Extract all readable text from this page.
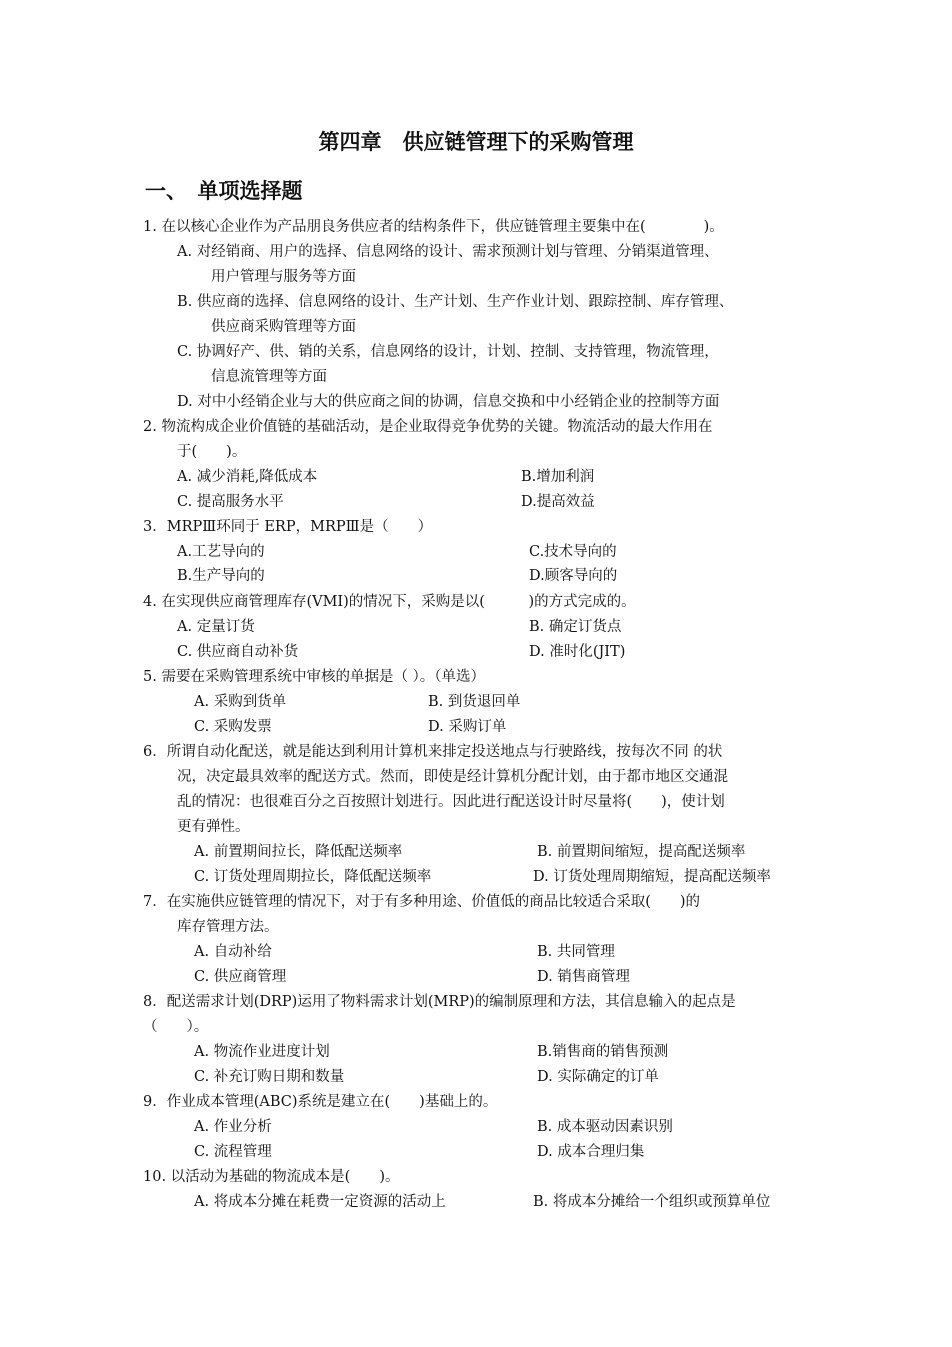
第四章　供应链管理下的采购管理
一、　单项选择题
1. 在以核心企业作为产品朋良务供应者的结构条件下，供应链管理主要集中在(　　　　)。
A. 对经销商、用户的选择、信息网络的设计、需求预测计划与管理、分销渠道管理、
用户管理与服务等方面
B. 供应商的选择、信息网络的设计、生产计划、生产作业计划、跟踪控制、库存管理、
供应商采购管理等方面
C. 协调好产、供、销的关系，信息网络的设计，计划、控制、支持管理，物流管理，
信息流管理等方面
D. 对中小经销企业与大的供应商之间的协调，信息交换和中小经销企业的控制等方面
2. 物流构成企业价值链的基础活动，是企业取得竞争优势的关键。物流活动的最大作用在
于(　　)。
A. 减少消耗,降低成本	B.增加利润
C. 提高服务水平	D.提高效益
3．MRPⅢ环同于 ERP，MRPⅢ是（　　）
A.工艺导向的	C.技术导向的
B.生产导向的	D.顾客导向的
4. 在实现供应商管理库存(VMI)的情况下，采购是以(　　　)的方式完成的。
A. 定量订货	B. 确定订货点
C. 供应商自动补货	D. 准时化(JIT)
5. 需要在采购管理系统中审核的单据是（ ）。（单选）
A. 采购到货单	B. 到货退回单
C. 采购发票	D. 采购订单
6．所谓自动化配送，就是能达到利用计算机来排定投送地点与行驶路线，按每次不同 的状
况，决定最具效率的配送方式。然而，即使是经计算机分配计划，由于都市地区交通混
乱的情况：也很难百分之百按照计划进行。因此进行配送设计时尽量将(　　)，使计划
更有弹性。
A. 前置期间拉长，降低配送频率	B. 前置期间缩短，提高配送频率
C. 订货处理周期拉长，降低配送频率	D. 订货处理周期缩短，提高配送频率
7．在实施供应链管理的情况下，对于有多种用途、价值低的商品比较适合采取(　　)的
库存管理方法。
A. 自动补给	B. 共同管理
C. 供应商管理	D. 销售商管理
8．配送需求计划(DRP)运用了物料需求计划(MRP)的编制原理和方法，其信息输入的起点是
（　　）。
A. 物流作业进度计划	B.销售商的销售预测
C. 补充订购日期和数量	D. 实际确定的订单
9．作业成本管理(ABC)系统是建立在(　　)基础上的。
A. 作业分析	B. 成本驱动因素识别
C. 流程管理	D. 成本合理归集
10. 以活动为基础的物流成本是(　　)。
A. 将成本分摊在耗费一定资源的活动上	B. 将成本分摊给一个组织或预算单位
